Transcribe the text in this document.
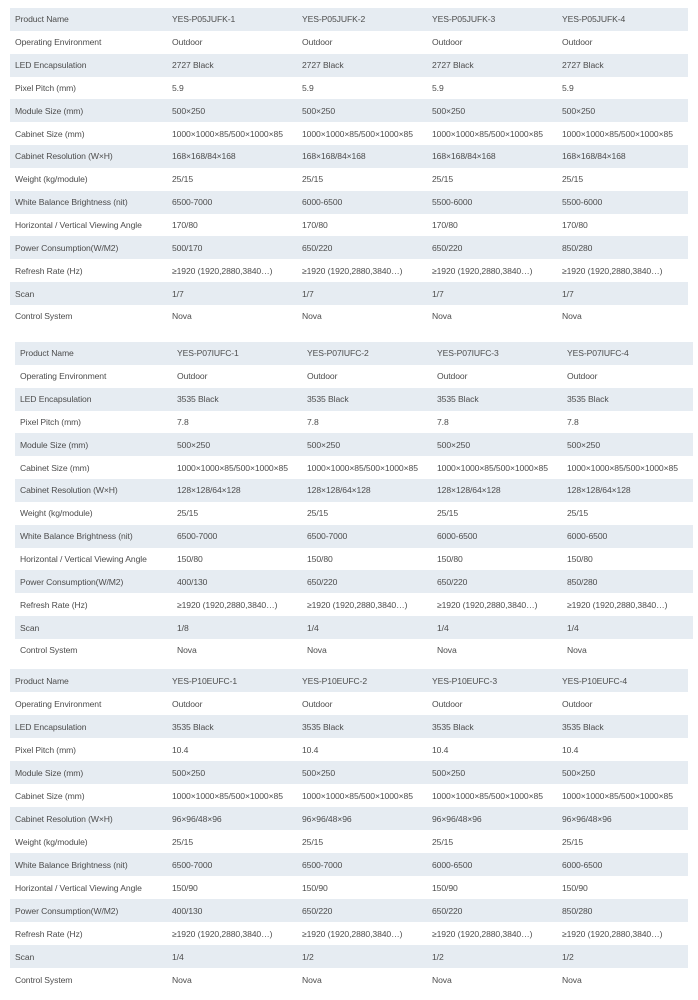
Product Name	YES-P05JUFK-1	YES-P05JUFK-2	YES-P05JUFK-3	YES-P05JUFK-4
Operating Environment	Outdoor	Outdoor	Outdoor	Outdoor
LED Encapsulation	2727 Black	2727 Black	2727 Black	2727 Black
Pixel Pitch (mm)	5.9	5.9	5.9	5.9
Module Size (mm)	500×250	500×250	500×250	500×250
Cabinet Size (mm)	1000×1000×85/500×1000×85	1000×1000×85/500×1000×85	1000×1000×85/500×1000×85	1000×1000×85/500×1000×85
Cabinet Resolution (W×H)	168×168/84×168	168×168/84×168	168×168/84×168	168×168/84×168
Weight (kg/module)	25/15	25/15	25/15	25/15
White Balance Brightness (nit)	6500-7000	6000-6500	5500-6000	5500-6000
Horizontal / Vertical Viewing Angle	170/80	170/80	170/80	170/80
Power Consumption(W/M2)	500/170	650/220	650/220	850/280
Refresh Rate (Hz)	≥1920 (1920,2880,3840…)	≥1920 (1920,2880,3840…)	≥1920 (1920,2880,3840…)	≥1920 (1920,2880,3840…)
Scan	1/7	1/7	1/7	1/7
Control System	Nova	Nova	Nova	Nova
Product Name	YES-P07IUFC-1	YES-P07IUFC-2	YES-P07IUFC-3	YES-P07IUFC-4
Operating Environment	Outdoor	Outdoor	Outdoor	Outdoor
LED Encapsulation	3535 Black	3535 Black	3535 Black	3535 Black
Pixel Pitch (mm)	7.8	7.8	7.8	7.8
Module Size (mm)	500×250	500×250	500×250	500×250
Cabinet Size (mm)	1000×1000×85/500×1000×85	1000×1000×85/500×1000×85	1000×1000×85/500×1000×85	1000×1000×85/500×1000×85
Cabinet Resolution (W×H)	128×128/64×128	128×128/64×128	128×128/64×128	128×128/64×128
Weight (kg/module)	25/15	25/15	25/15	25/15
White Balance Brightness (nit)	6500-7000	6500-7000	6000-6500	6000-6500
Horizontal / Vertical Viewing Angle	150/80	150/80	150/80	150/80
Power Consumption(W/M2)	400/130	650/220	650/220	850/280
Refresh Rate (Hz)	≥1920 (1920,2880,3840…)	≥1920 (1920,2880,3840…)	≥1920 (1920,2880,3840…)	≥1920 (1920,2880,3840…)
Scan	1/8	1/4	1/4	1/4
Control System	Nova	Nova	Nova	Nova
Product Name	YES-P10EUFC-1	YES-P10EUFC-2	YES-P10EUFC-3	YES-P10EUFC-4
Operating Environment	Outdoor	Outdoor	Outdoor	Outdoor
LED Encapsulation	3535 Black	3535 Black	3535 Black	3535 Black
Pixel Pitch (mm)	10.4	10.4	10.4	10.4
Module Size (mm)	500×250	500×250	500×250	500×250
Cabinet Size (mm)	1000×1000×85/500×1000×85	1000×1000×85/500×1000×85	1000×1000×85/500×1000×85	1000×1000×85/500×1000×85
Cabinet Resolution (W×H)	96×96/48×96	96×96/48×96	96×96/48×96	96×96/48×96
Weight (kg/module)	25/15	25/15	25/15	25/15
White Balance Brightness (nit)	6500-7000	6500-7000	6000-6500	6000-6500
Horizontal / Vertical Viewing Angle	150/90	150/90	150/90	150/90
Power Consumption(W/M2)	400/130	650/220	650/220	850/280
Refresh Rate (Hz)	≥1920 (1920,2880,3840…)	≥1920 (1920,2880,3840…)	≥1920 (1920,2880,3840…)	≥1920 (1920,2880,3840…)
Scan	1/4	1/2	1/2	1/2
Control System	Nova	Nova	Nova	Nova
